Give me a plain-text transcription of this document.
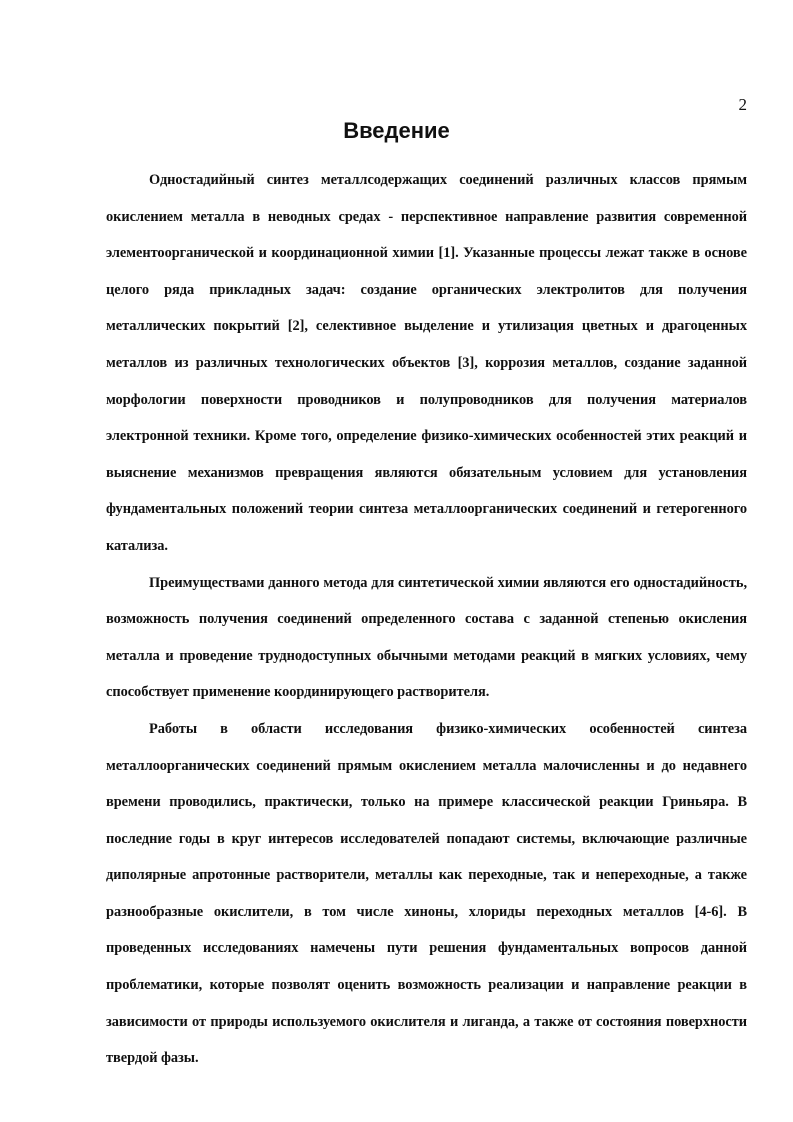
2
Введение

Одностадийный синтез металлсодержащих соединений различных классов прямым окислением металла в неводных средах - перспективное направление развития современной элементоорганической и координационной химии [1]. Указанные процессы лежат также в основе целого ряда прикладных задач: создание органических электролитов для получения металлических покрытий [2], селективное выделение и утилизация цветных и драгоценных металлов из различных технологических объектов [3], коррозия металлов, создание заданной морфологии поверхности проводников и полупроводников для получения материалов электронной техники. Кроме того, определение физико-химических особенностей этих реакций и выяснение механизмов превращения являются обязательным условием для установления фундаментальных положений теории синтеза металлоорганических соединений и гетерогенного катализа.

Преимуществами данного метода для синтетической химии являются его одностадийность, возможность получения соединений определенного состава с заданной степенью окисления металла и проведение труднодоступных обычными методами реакций в мягких условиях, чему способствует применение координирующего растворителя.

Работы в области исследования физико-химических особенностей синтеза металлоорганических соединений прямым окислением металла малочисленны и до недавнего времени проводились, практически, только на примере классической реакции Гриньяра. В последние годы в круг интересов исследователей попадают системы, включающие различные диполярные апротонные растворители, металлы как переходные, так и непереходные, а также разнообразные окислители, в том числе хиноны, хлориды переходных металлов [4-6]. В проведенных исследованиях намечены пути решения фундаментальных вопросов данной проблематики, которые позволят оценить возможность реализации и направление реакции в зависимости от природы используемого окислителя и лиганда, а также от состояния поверхности твердой фазы.
